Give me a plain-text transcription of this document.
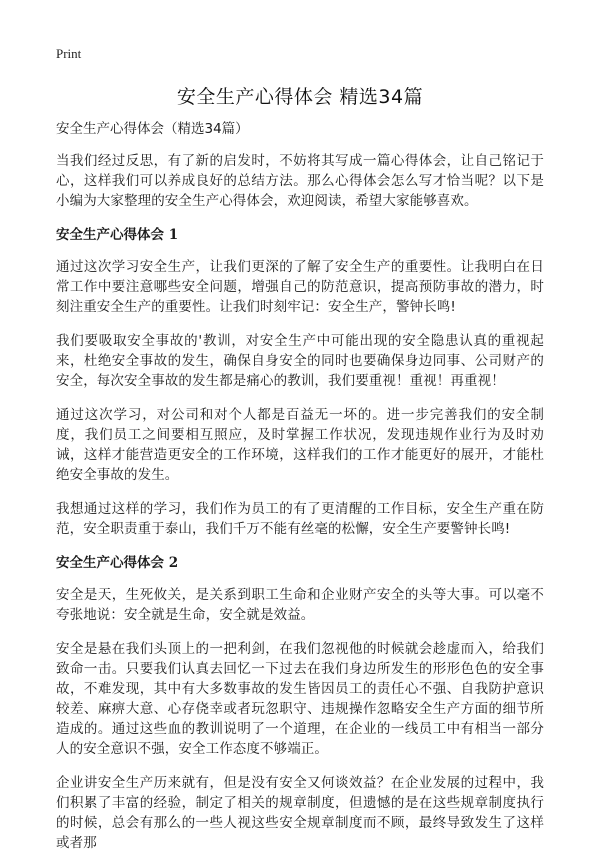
Print
安全生产心得体会 精选34篇
安全生产心得体会（精选34篇）

当我们经过反思，有了新的启发时，不妨将其写成一篇心得体会，让自己铭记于心，这样我们可以养成良好的总结方法。那么心得体会怎么写才恰当呢？以下是小编为大家整理的安全生产心得体会，欢迎阅读，希望大家能够喜欢。

安全生产心得体会 1

通过这次学习安全生产，让我们更深的了解了安全生产的重要性。让我明白在日常工作中要注意哪些安全问题，增强自己的防范意识，提高预防事故的潜力，时刻注重安全生产的重要性。让我们时刻牢记：安全生产，警钟长鸣!

我们要吸取安全事故的'教训，对安全生产中可能出现的安全隐患认真的重视起来，杜绝安全事故的发生，确保自身安全的同时也要确保身边同事、公司财产的安全，每次安全事故的发生都是痛心的教训，我们要重视！重视！再重视！

通过这次学习，对公司和对个人都是百益无一坏的。进一步完善我们的安全制度，我们员工之间要相互照应，及时掌握工作状况，发现违规作业行为及时劝诫，这样才能营造更安全的工作环境，这样我们的工作才能更好的展开，才能杜绝安全事故的发生。

我想通过这样的学习，我们作为员工的有了更清醒的工作目标，安全生产重在防范，安全职责重于泰山，我们千万不能有丝毫的松懈，安全生产要警钟长鸣!

安全生产心得体会 2

安全是天，生死攸关，是关系到职工生命和企业财产安全的头等大事。可以毫不夸张地说：安全就是生命，安全就是效益。

安全是悬在我们头顶上的一把利剑，在我们忽视他的时候就会趁虚而入，给我们致命一击。只要我们认真去回忆一下过去在我们身边所发生的形形色色的安全事故，不难发现，其中有大多数事故的发生皆因员工的责任心不强、自我防护意识较差、麻痹大意、心存侥幸或者玩忽职守、违规操作忽略安全生产方面的细节所造成的。通过这些血的教训说明了一个道理，在企业的一线员工中有相当一部分人的安全意识不强，安全工作态度不够端正。

企业讲安全生产历来就有，但是没有安全又何谈效益？在企业发展的过程中，我们积累了丰富的经验，制定了相关的规章制度，但遗憾的是在这些规章制度执行的时候，总会有那么的一些人视这些安全规章制度而不顾，最终导致发生了这样或者那
